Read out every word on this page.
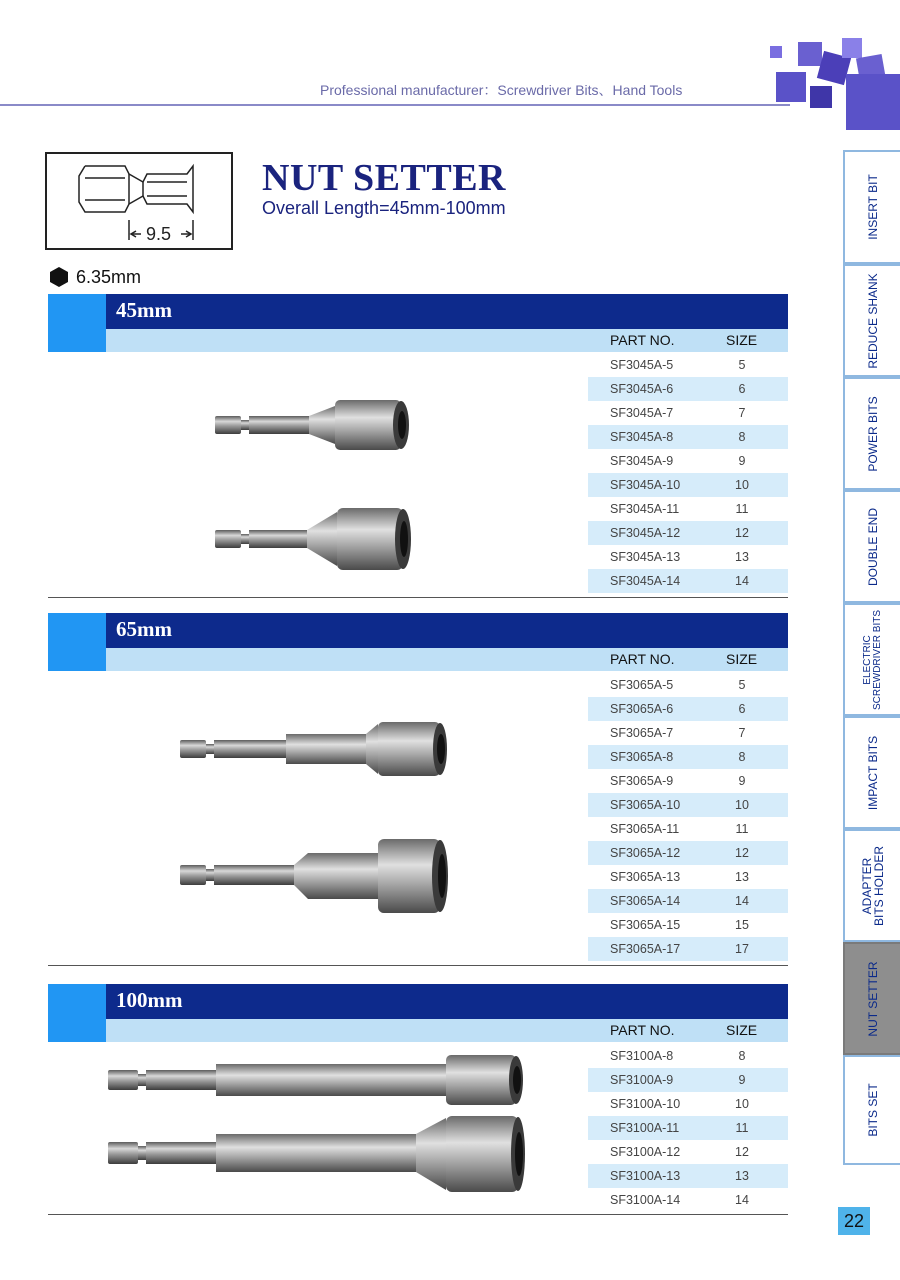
Professional manufacturer：Screwdriver Bits、Hand Tools
9.5
NUT SETTER
Overall Length=45mm-100mm
6.35mm
45mm
PART NO.	SIZE
SF3045A-5	5
SF3045A-6	6
SF3045A-7	7
SF3045A-8	8
SF3045A-9	9
SF3045A-10	10
SF3045A-11	11
SF3045A-12	12
SF3045A-13	13
SF3045A-14	14
65mm
PART NO.	SIZE
SF3065A-5	5
SF3065A-6	6
SF3065A-7	7
SF3065A-8	8
SF3065A-9	9
SF3065A-10	10
SF3065A-11	11
SF3065A-12	12
SF3065A-13	13
SF3065A-14	14
SF3065A-15	15
SF3065A-17	17
100mm
PART NO.	SIZE
SF3100A-8	8
SF3100A-9	9
SF3100A-10	10
SF3100A-11	11
SF3100A-12	12
SF3100A-13	13
SF3100A-14	14
INSERT BIT
REDUCE SHANK
POWER BITS
DOUBLE END
ELECTRIC
SCREWDRIVER BITS
IMPACT BITS
ADAPTER
BITS HOLDER
NUT SETTER
BITS SET
22
